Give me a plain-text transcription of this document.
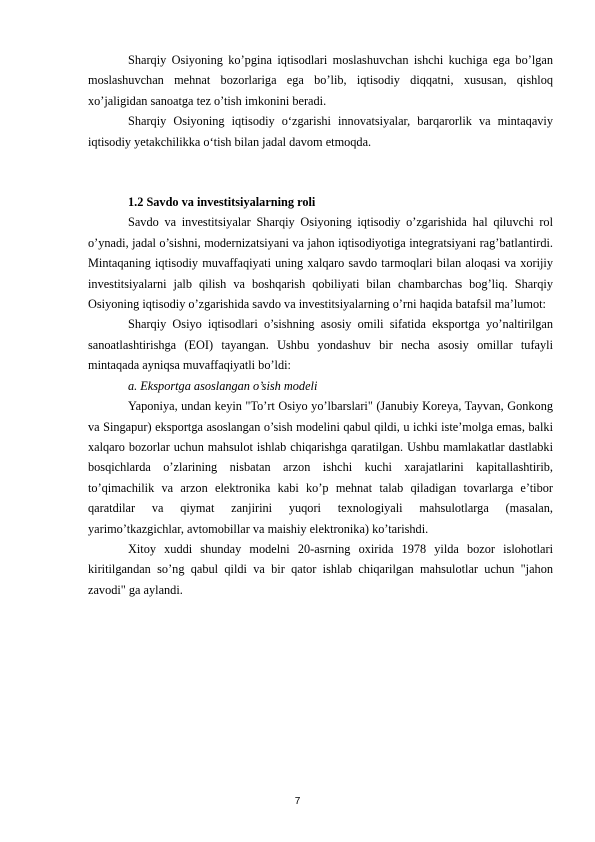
Sharqiy Osiyoning ko’pgina iqtisodlari moslashuvchan ishchi kuchiga ega bo’lgan moslashuvchan mehnat bozorlariga ega bo’lib, iqtisodiy diqqatni, xususan, qishloq xo’jaligidan sanoatga tez o’tish imkonini beradi.

Sharqiy Osiyoning iqtisodiy o‘zgarishi innovatsiyalar, barqarorlik va mintaqaviy iqtisodiy yetakchilikka o‘tish bilan jadal davom etmoqda.

1.2 Savdo va investitsiyalarning roli

Savdo va investitsiyalar Sharqiy Osiyoning iqtisodiy o’zgarishida hal qiluvchi rol o’ynadi, jadal o’sishni, modernizatsiyani va jahon iqtisodiyotiga integratsiyani rag’batlantirdi. Mintaqaning iqtisodiy muvaffaqiyati uning xalqaro savdo tarmoqlari bilan aloqasi va xorijiy investitsiyalarni jalb qilish va boshqarish qobiliyati bilan chambarchas bog’liq. Sharqiy Osiyoning iqtisodiy o’zgarishida savdo va investitsiyalarning o’rni haqida batafsil ma’lumot:

Sharqiy Osiyo iqtisodlari o’sishning asosiy omili sifatida eksportga yo’naltirilgan sanoatlashtirishga (EOI) tayangan. Ushbu yondashuv bir necha asosiy omillar tufayli mintaqada ayniqsa muvaffaqiyatli bo’ldi:

a. Eksportga asoslangan o’sish modeli

Yaponiya, undan keyin "To’rt Osiyo yo’lbarslari" (Janubiy Koreya, Tayvan, Gonkong va Singapur) eksportga asoslangan o’sish modelini qabul qildi, u ichki iste’molga emas, balki xalqaro bozorlar uchun mahsulot ishlab chiqarishga qaratilgan. Ushbu mamlakatlar dastlabki bosqichlarda o’zlarining nisbatan arzon ishchi kuchi xarajatlarini kapitallashtirib, to’qimachilik va arzon elektronika kabi ko’p mehnat talab qiladigan tovarlarga e’tibor qaratdilar va qiymat zanjirini yuqori texnologiyali mahsulotlarga (masalan, yarimo’tkazgichlar, avtomobillar va maishiy elektronika) ko’tarishdi.

Xitoy xuddi shunday modelni 20-asrning oxirida 1978 yilda bozor islohotlari kiritilgandan so’ng qabul qildi va bir qator ishlab chiqarilgan mahsulotlar uchun "jahon zavodi" ga aylandi.

7
